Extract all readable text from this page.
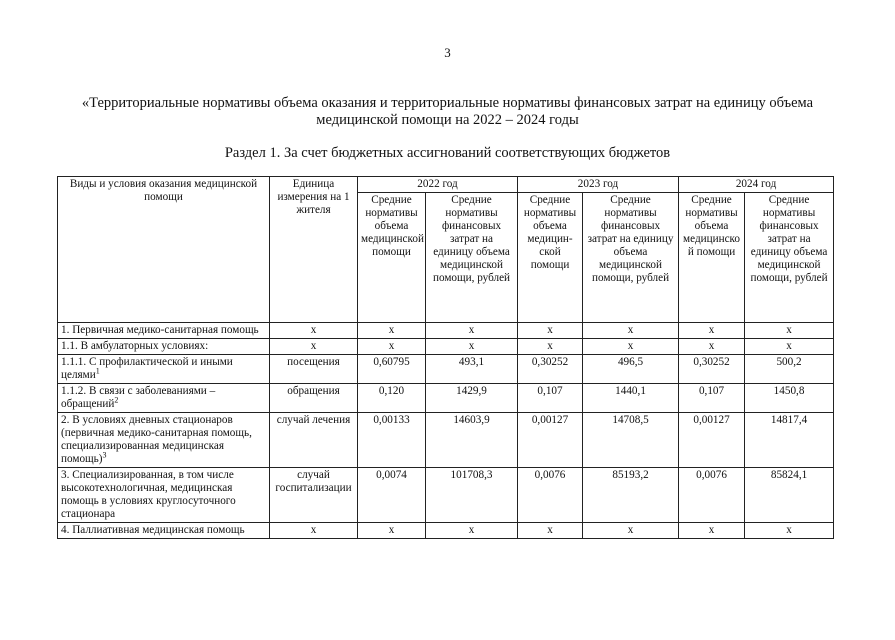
3
«Территориальные нормативы объема оказания и территориальные нормативы финансовых затрат на единицу объема медицинской помощи на 2022 – 2024 годы
Раздел 1. За счет бюджетных ассигнований соответствующих бюджетов
Виды и условия оказания медицинской помощи	Единица измерения на 1 жителя	2022 год		2023 год		2024 год	
		Средние нормативы объема медицинской помощи	Средние нормативы финансовых затрат на единицу объема медицинской помощи, рублей	Средние нормативы объема медицин-ской помощи	Средние нормативы финансовых затрат на единицу объема медицинской помощи, рублей	Средние нормативы объема медицинско й помощи	Средние нормативы финансовых затрат на единицу объема медицинской помощи, рублей
1. Первичная медико-санитарная помощь	х	х	х	х	х	х	х
1.1. В амбулаторных условиях:	х	х	х	х	х	х	х
1.1.1. С профилактической и иными целями$^1$	посещения	0,60795	493,1	0,30252	496,5	0,30252	500,2
1.1.2. В связи с заболеваниями – обращений$^2$	обращения	0,120	1429,9	0,107	1440,1	0,107	1450,8
2. В условиях дневных стационаров (первичная медико-санитарная помощь, специализированная медицинская помощь)$^3$	случай лечения	0,00133	14603,9	0,00127	14708,5	0,00127	14817,4
3. Специализированная, в том числе высокотехнологичная, медицинская помощь в условиях круглосуточного стационара	случай госпитализации	0,0074	101708,3	0,0076	85193,2	0,0076	85824,1
4. Паллиативная медицинская помощь	х	х	х	х	х	х	х
